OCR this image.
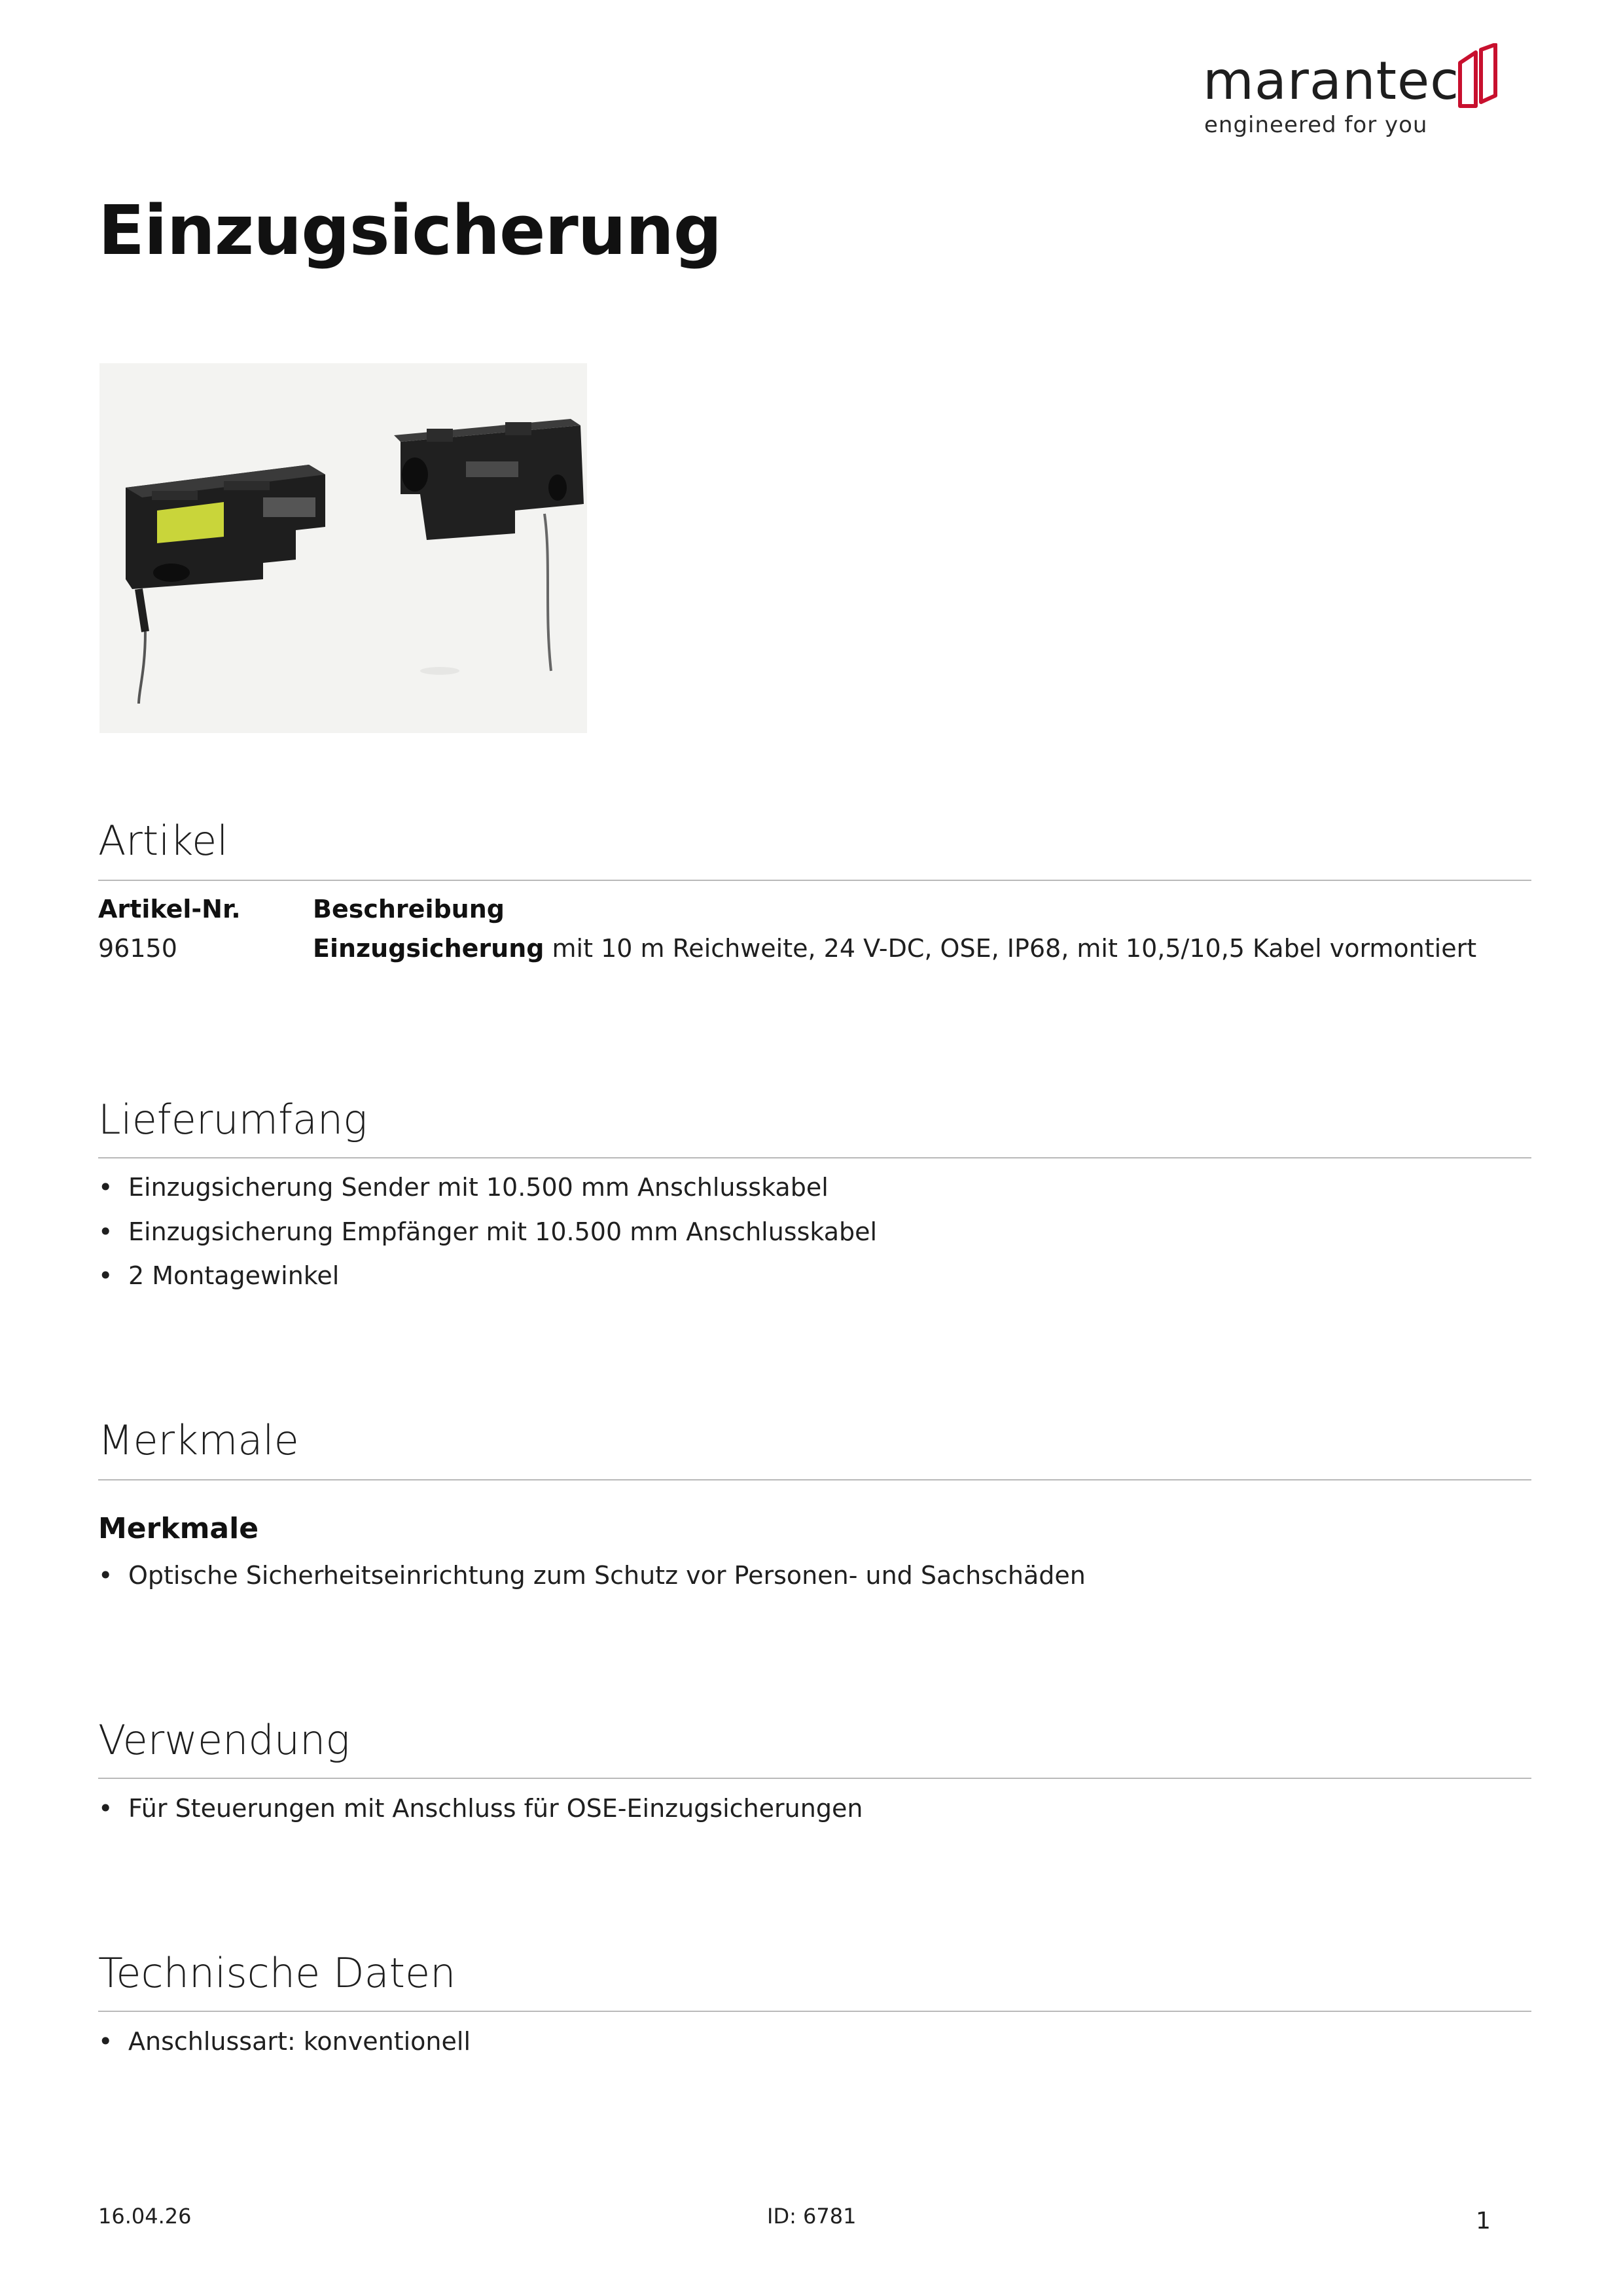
marantec
engineered for you
Einzugsicherung
Artikel
Artikel-Nr.	Beschreibung
96150	Einzugsicherung mit 10 m Reichweite, 24 V-DC, OSE, IP68, mit 10,5/10,5 Kabel vormontiert
Lieferumfang
• Einzugsicherung Sender mit 10.500 mm Anschlusskabel
• Einzugsicherung Empfänger mit 10.500 mm Anschlusskabel
• 2 Montagewinkel
Merkmale
Merkmale
• Optische Sicherheitseinrichtung zum Schutz vor Personen- und Sachschäden
Verwendung
• Für Steuerungen mit Anschluss für OSE-Einzugsicherungen
Technische Daten
• Anschlussart: konventionell
16.04.26	ID: 6781	1
